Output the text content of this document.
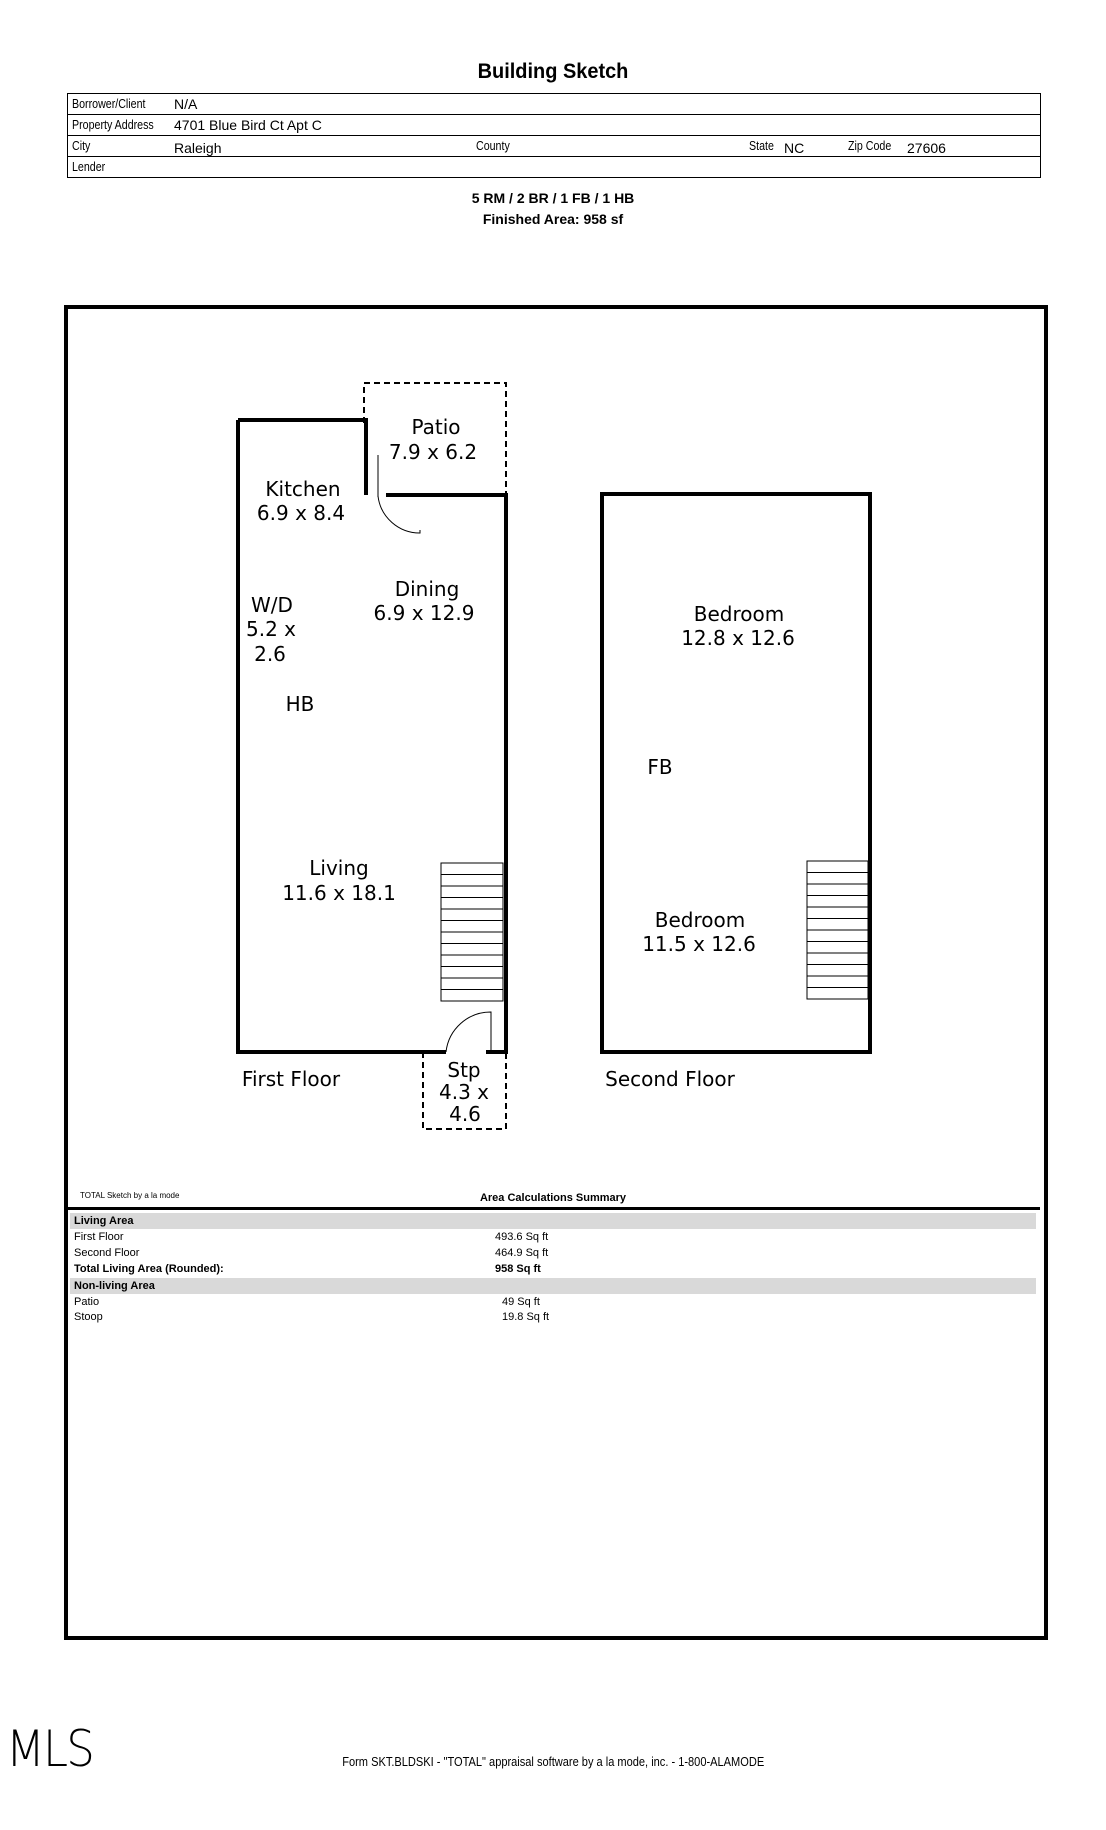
Building Sketch
Borrower/Client N/A

Property Address 4701 Blue Bird Ct Apt C

City	Raleigh	County	State NC	Zip Code 27606

Lender
5 RM / 2 BR / 1 FB / 1 HB
Finished Area: 958 sf
Patio
7.9 x 6.2
Kitchen
6.9 x 8.4
W/D
5.2 x
2.6
Dining
6.9 x 12.9
HB
Living
11.6 x 18.1
Stp
4.3 x
4.6
First Floor
Bedroom
12.8 x 12.6
FB
Bedroom
11.5 x 12.6
Second Floor
TOTAL Sketch by a la mode	Area Calculations Summary
Living Area
First Floor	493.6 Sq ft
Second Floor	464.9 Sq ft
Total Living Area (Rounded):	958 Sq ft
Non-living Area
Patio	49 Sq ft
Stoop	19.8 Sq ft
MLS	Form SKT.BLDSKI - "TOTAL" appraisal software by a la mode, inc. - 1-800-ALAMODE
